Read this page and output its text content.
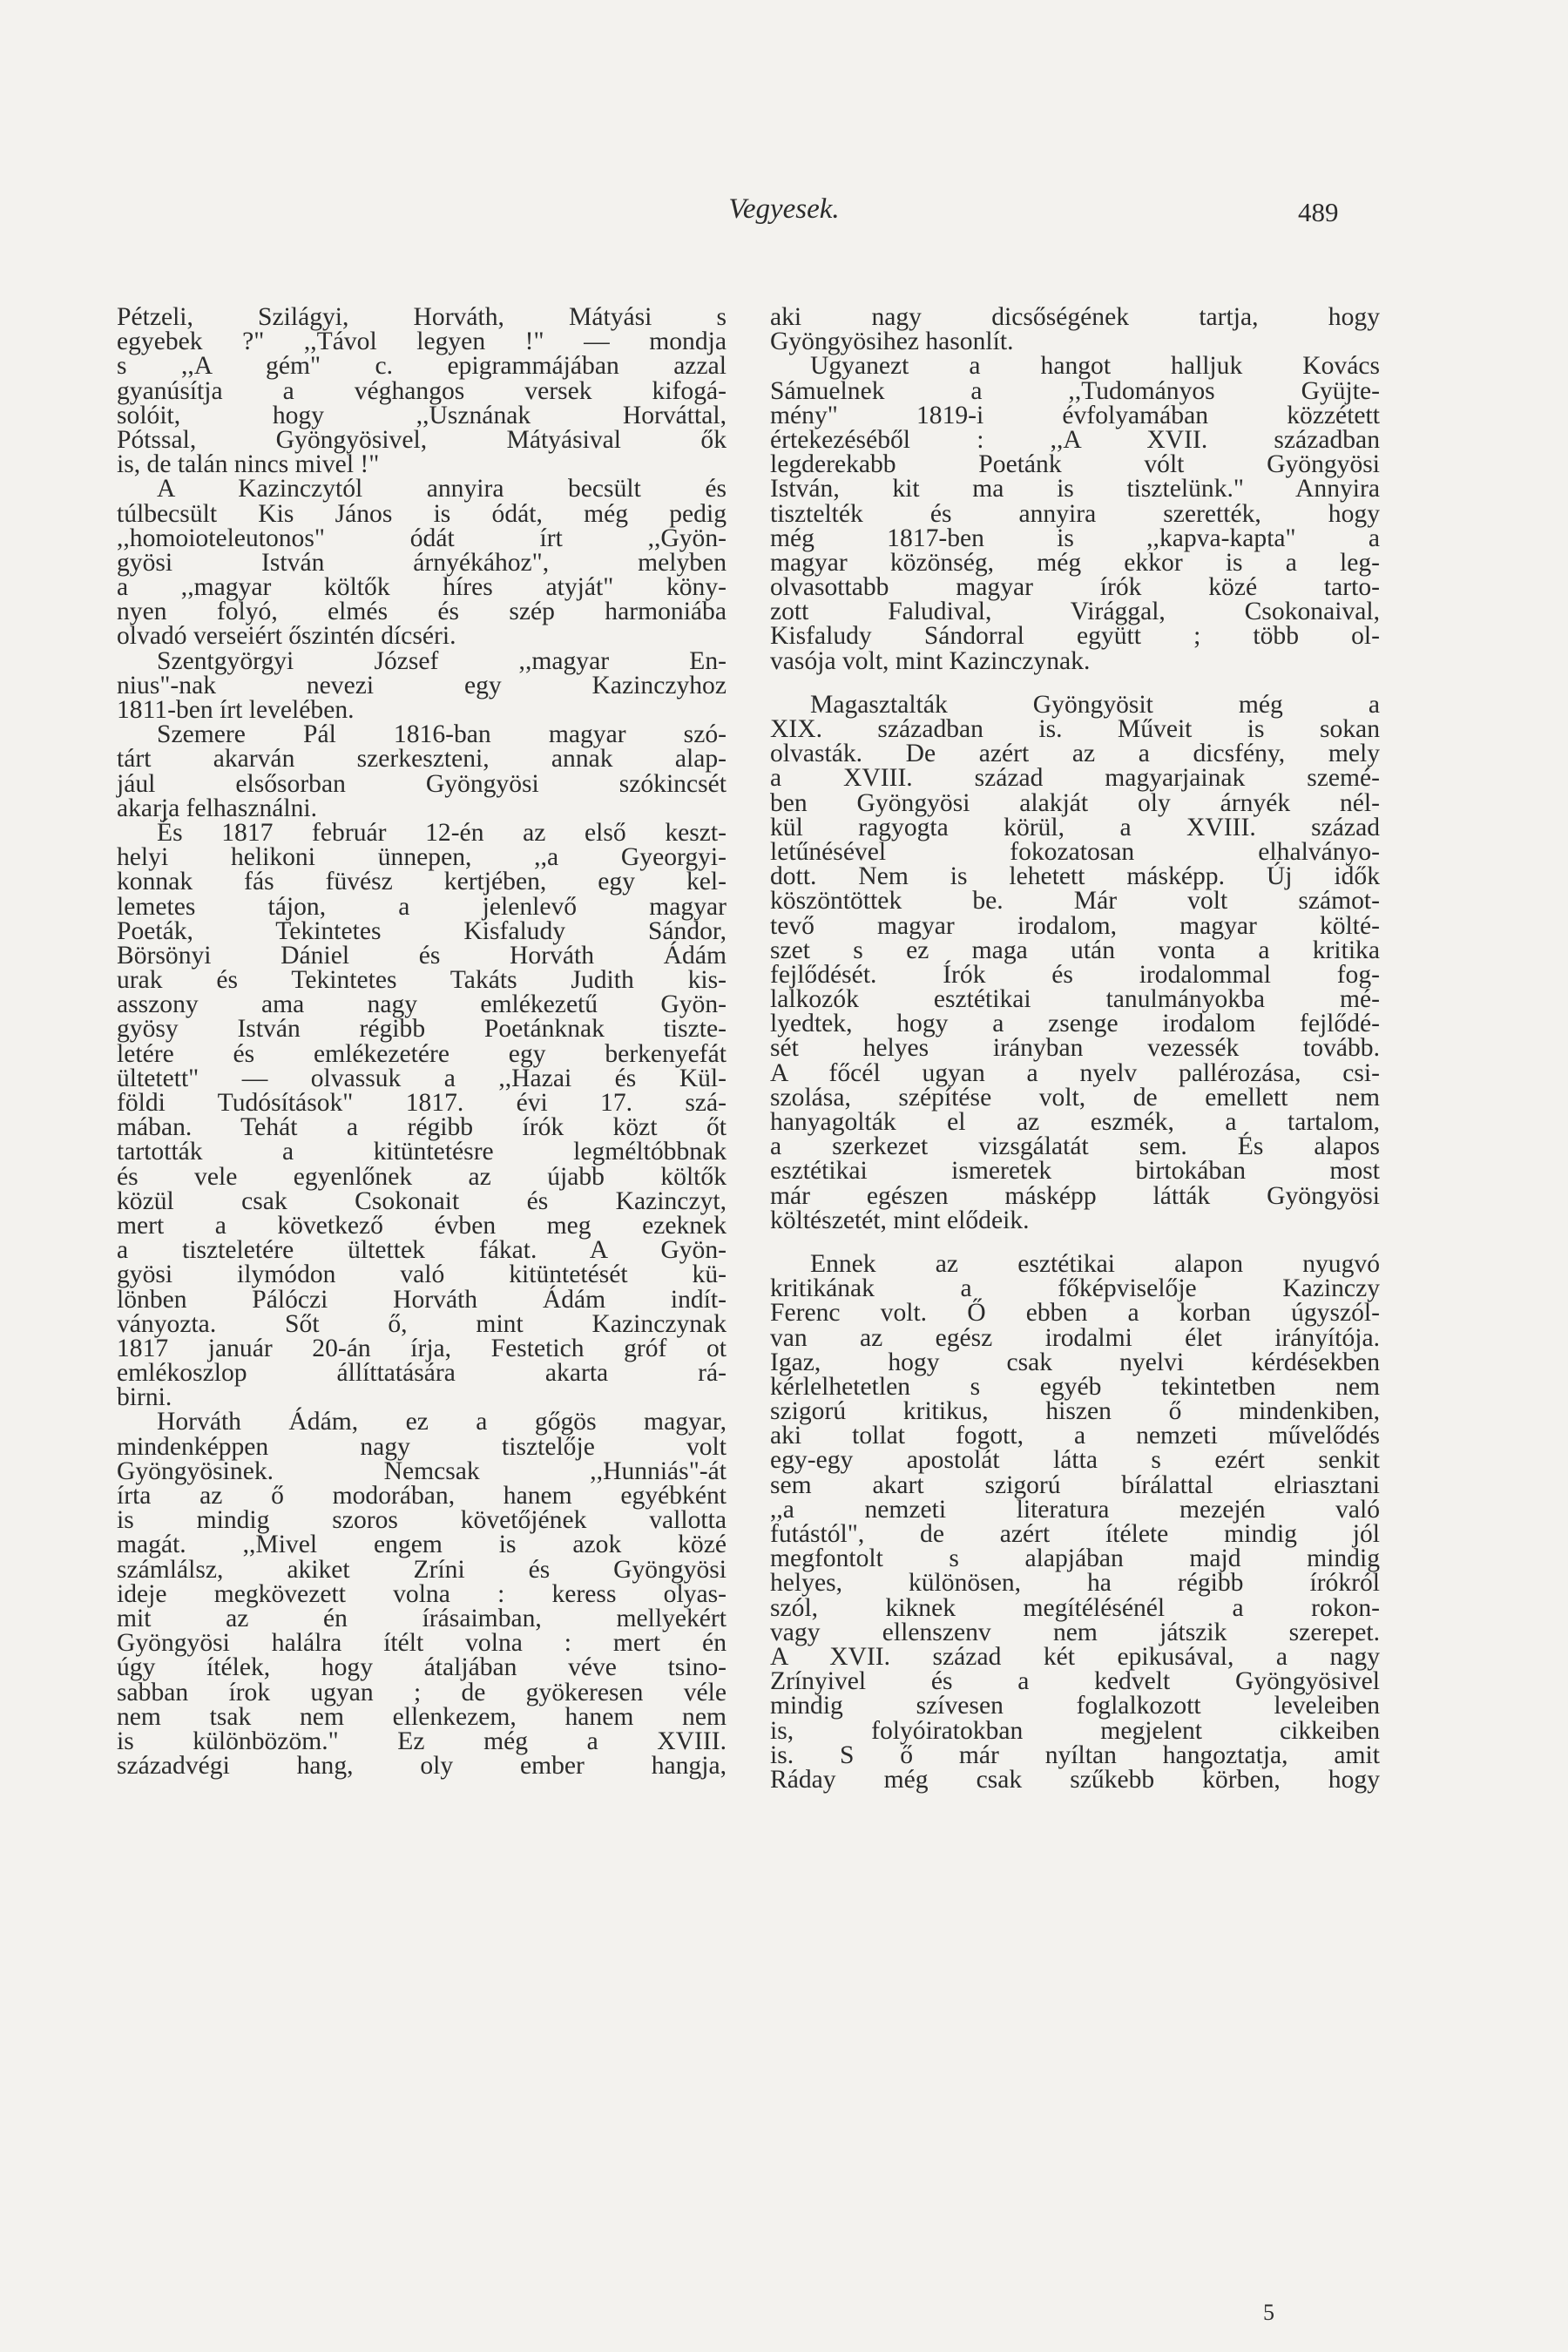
Vegyesek.	489
Pétzeli, Szilágyi, Horváth, Mátyási s
egyebek ?" ,,Távol legyen !" — mondja
s ,,A gém" c. epigrammájában azzal
gyanúsítja a véghangos versek kifogá-
solóit, hogy ,,Usznának Horváttal,
Pótssal, Gyöngyösivel, Mátyásival ők
is, de talán nincs mivel !"
A Kazinczytól annyira becsült és
túlbecsült Kis János is ódát, még pedig
,,homoioteleutonos" ódát írt ,,Gyön-
gyösi István árnyékához", melyben
a ,,magyar költők híres atyját" köny-
nyen folyó, elmés és szép harmoniába
olvadó verseiért őszintén dícséri.
Szentgyörgyi József ,,magyar En-
nius"-nak nevezi egy Kazinczyhoz
1811-ben írt levelében.
Szemere Pál 1816-ban magyar szó-
tárt akarván szerkeszteni, annak alap-
jául elsősorban Gyöngyösi szókincsét
akarja felhasználni.
És 1817 február 12-én az első keszt-
helyi helikoni ünnepen, ,,a Gyeorgyi-
konnak fás füvész kertjében, egy kel-
lemetes tájon, a jelenlevő magyar
Poeták, Tekintetes Kisfaludy Sándor,
Börsönyi Dániel és Horváth Ádám
urak és Tekintetes Takáts Judith kis-
asszony ama nagy emlékezetű Gyön-
gyösy István régibb Poetánknak tiszte-
letére és emlékezetére egy berkenyefát
ültetett" — olvassuk a ,,Hazai és Kül-
földi Tudósítások" 1817. évi 17. szá-
mában. Tehát a régibb írók közt őt
tartották a kitüntetésre legméltóbbnak
és vele egyenlőnek az újabb költők
közül csak Csokonait és Kazinczyt,
mert a következő évben meg ezeknek
a tiszteletére ültettek fákat. A Gyön-
gyösi ilymódon való kitüntetését kü-
lönben Pálóczi Horváth Ádám indít-
ványozta. Sőt ő, mint Kazinczynak
1817 január 20-án írja, Festetich gróf ot
emlékoszlop állíttatására akarta rá-
birni.
Horváth Ádám, ez a gőgös magyar,
mindenképpen nagy tisztelője volt
Gyöngyösinek. Nemcsak ,,Hunniás"-át
írta az ő modorában, hanem egyébként
is mindig szoros követőjének vallotta
magát. ,,Mivel engem is azok közé
számlálsz, akiket Zríni és Gyöngyösi
ideje megkövezett volna : keress olyas-
mit az én írásaimban, mellyekért
Gyöngyösi halálra ítélt volna : mert én
úgy ítélek, hogy átaljában véve tsino-
sabban írok ugyan ; de gyökeresen véle
nem tsak nem ellenkezem, hanem nem
is különbözöm." Ez még a XVIII.
századvégi hang, oly ember hangja,
aki nagy dicsőségének tartja, hogy
Gyöngyösihez hasonlít.
Ugyanezt a hangot halljuk Kovács
Sámuelnek a ,,Tudományos Gyüjte-
mény" 1819-i évfolyamában közzétett
értekezéséből : ,,A XVII. században
legderekabb Poetánk vólt Gyöngyösi
István, kit ma is tisztelünk." Annyira
tisztelték és annyira szerették, hogy
még 1817-ben is ,,kapva-kapta" a
magyar közönség, még ekkor is a leg-
olvasottabb magyar írók közé tarto-
zott Faludival, Virággal, Csokonaival,
Kisfaludy Sándorral együtt ; több ol-
vasója volt, mint Kazinczynak.
Magasztalták Gyöngyösit még a
XIX. században is. Műveit is sokan
olvasták. De azért az a dicsfény, mely
a XVIII. század magyarjainak szemé-
ben Gyöngyösi alakját oly árnyék nél-
kül ragyogta körül, a XVIII. század
letűnésével fokozatosan elhalványo-
dott. Nem is lehetett másképp. Új idők
köszöntöttek be. Már volt számot-
tevő magyar irodalom, magyar költé-
szet s ez maga után vonta a kritika
fejlődését. Írók és irodalommal fog-
lalkozók esztétikai tanulmányokba mé-
lyedtek, hogy a zsenge irodalom fejlődé-
sét helyes irányban vezessék tovább.
A főcél ugyan a nyelv pallérozása, csi-
szolása, szépítése volt, de emellett nem
hanyagolták el az eszmék, a tartalom,
a szerkezet vizsgálatát sem. És alapos
esztétikai ismeretek birtokában most
már egészen másképp látták Gyöngyösi
költészetét, mint elődeik.
Ennek az esztétikai alapon nyugvó
kritikának a főképviselője Kazinczy
Ferenc volt. Ő ebben a korban úgyszól-
van az egész irodalmi élet irányítója.
Igaz, hogy csak nyelvi kérdésekben
kérlelhetetlen s egyéb tekintetben nem
szigorú kritikus, hiszen ő mindenkiben,
aki tollat fogott, a nemzeti művelődés
egy-egy apostolát látta s ezért senkit
sem akart szigorú bírálattal elriasztani
,,a nemzeti literatura mezején való
futástól", de azért ítélete mindig jól
megfontolt s alapjában majd mindig
helyes, különösen, ha régibb írókról
szól, kiknek megítélésénél a rokon-
vagy ellenszenv nem játszik szerepet.
A XVII. század két epikusával, a nagy
Zrínyivel és a kedvelt Gyöngyösivel
mindig szívesen foglalkozott leveleiben
is, folyóiratokban megjelent cikkeiben
is. S ő már nyíltan hangoztatja, amit
Ráday még csak szűkebb körben, hogy
5
